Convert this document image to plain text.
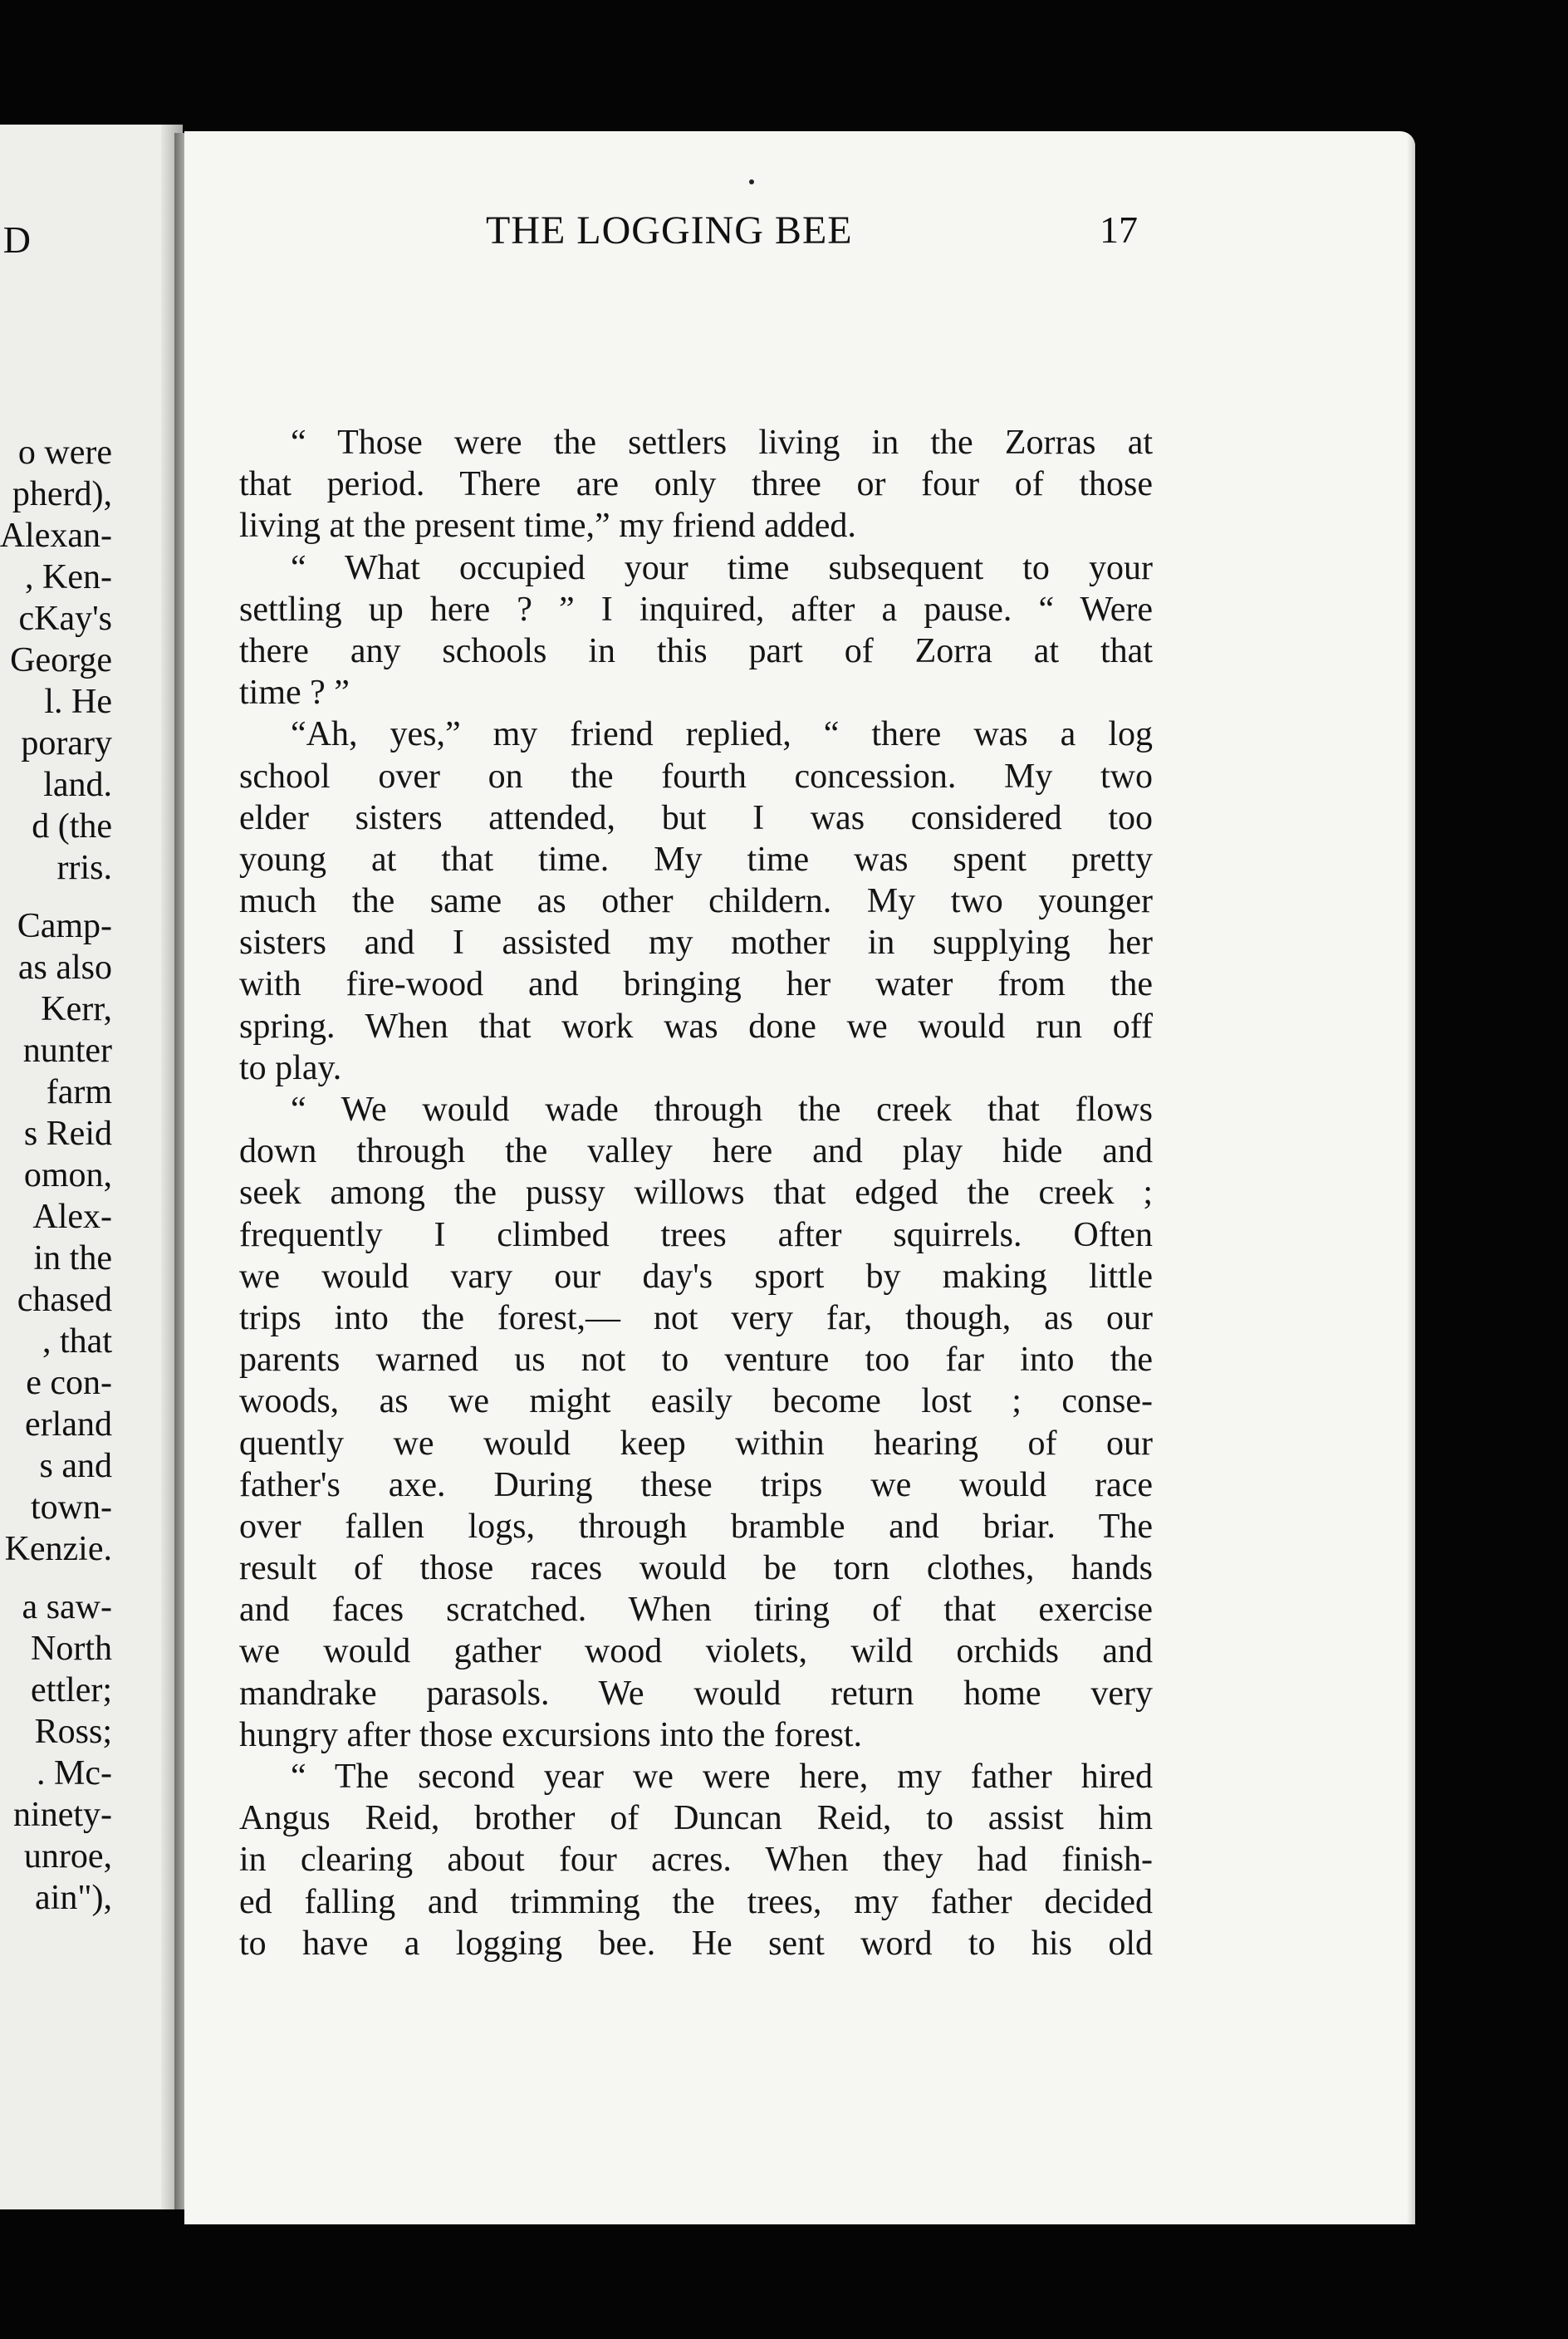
D
o were
pherd),
Alexan-
, Ken-
cKay's
George
l. He
porary
land.
d (the
rris.
Camp-
as also
Kerr,
nunter
farm
s Reid
omon,
Alex-
in the
chased
, that
e con-
erland
s and
town-
Kenzie.
a saw-
North
ettler;
Ross;
. Mc-
ninety-
unroe,
ain"),
THE LOGGING BEE	17
“ Those were the settlers living in the Zorras at
that period. There are only three or four of those
living at the present time,” my friend added.
“ What occupied your time subsequent to your
settling up here ? ” I inquired, after a pause. “ Were
there any schools in this part of Zorra at that
time ? ”
“Ah, yes,” my friend replied, “ there was a log
school over on the fourth concession. My two
elder sisters attended, but I was considered too
young at that time. My time was spent pretty
much the same as other childern. My two younger
sisters and I assisted my mother in supplying her
with fire-wood and bringing her water from the
spring. When that work was done we would run off
to play.
“ We would wade through the creek that flows
down through the valley here and play hide and
seek among the pussy willows that edged the creek ;
frequently I climbed trees after squirrels. Often
we would vary our day's sport by making little
trips into the forest,— not very far, though, as our
parents warned us not to venture too far into the
woods, as we might easily become lost ; conse-
quently we would keep within hearing of our
father's axe. During these trips we would race
over fallen logs, through bramble and briar. The
result of those races would be torn clothes, hands
and faces scratched. When tiring of that exercise
we would gather wood violets, wild orchids and
mandrake parasols. We would return home very
hungry after those excursions into the forest.
“ The second year we were here, my father hired
Angus Reid, brother of Duncan Reid, to assist him
in clearing about four acres. When they had finish-
ed falling and trimming the trees, my father decided
to have a logging bee. He sent word to his old
